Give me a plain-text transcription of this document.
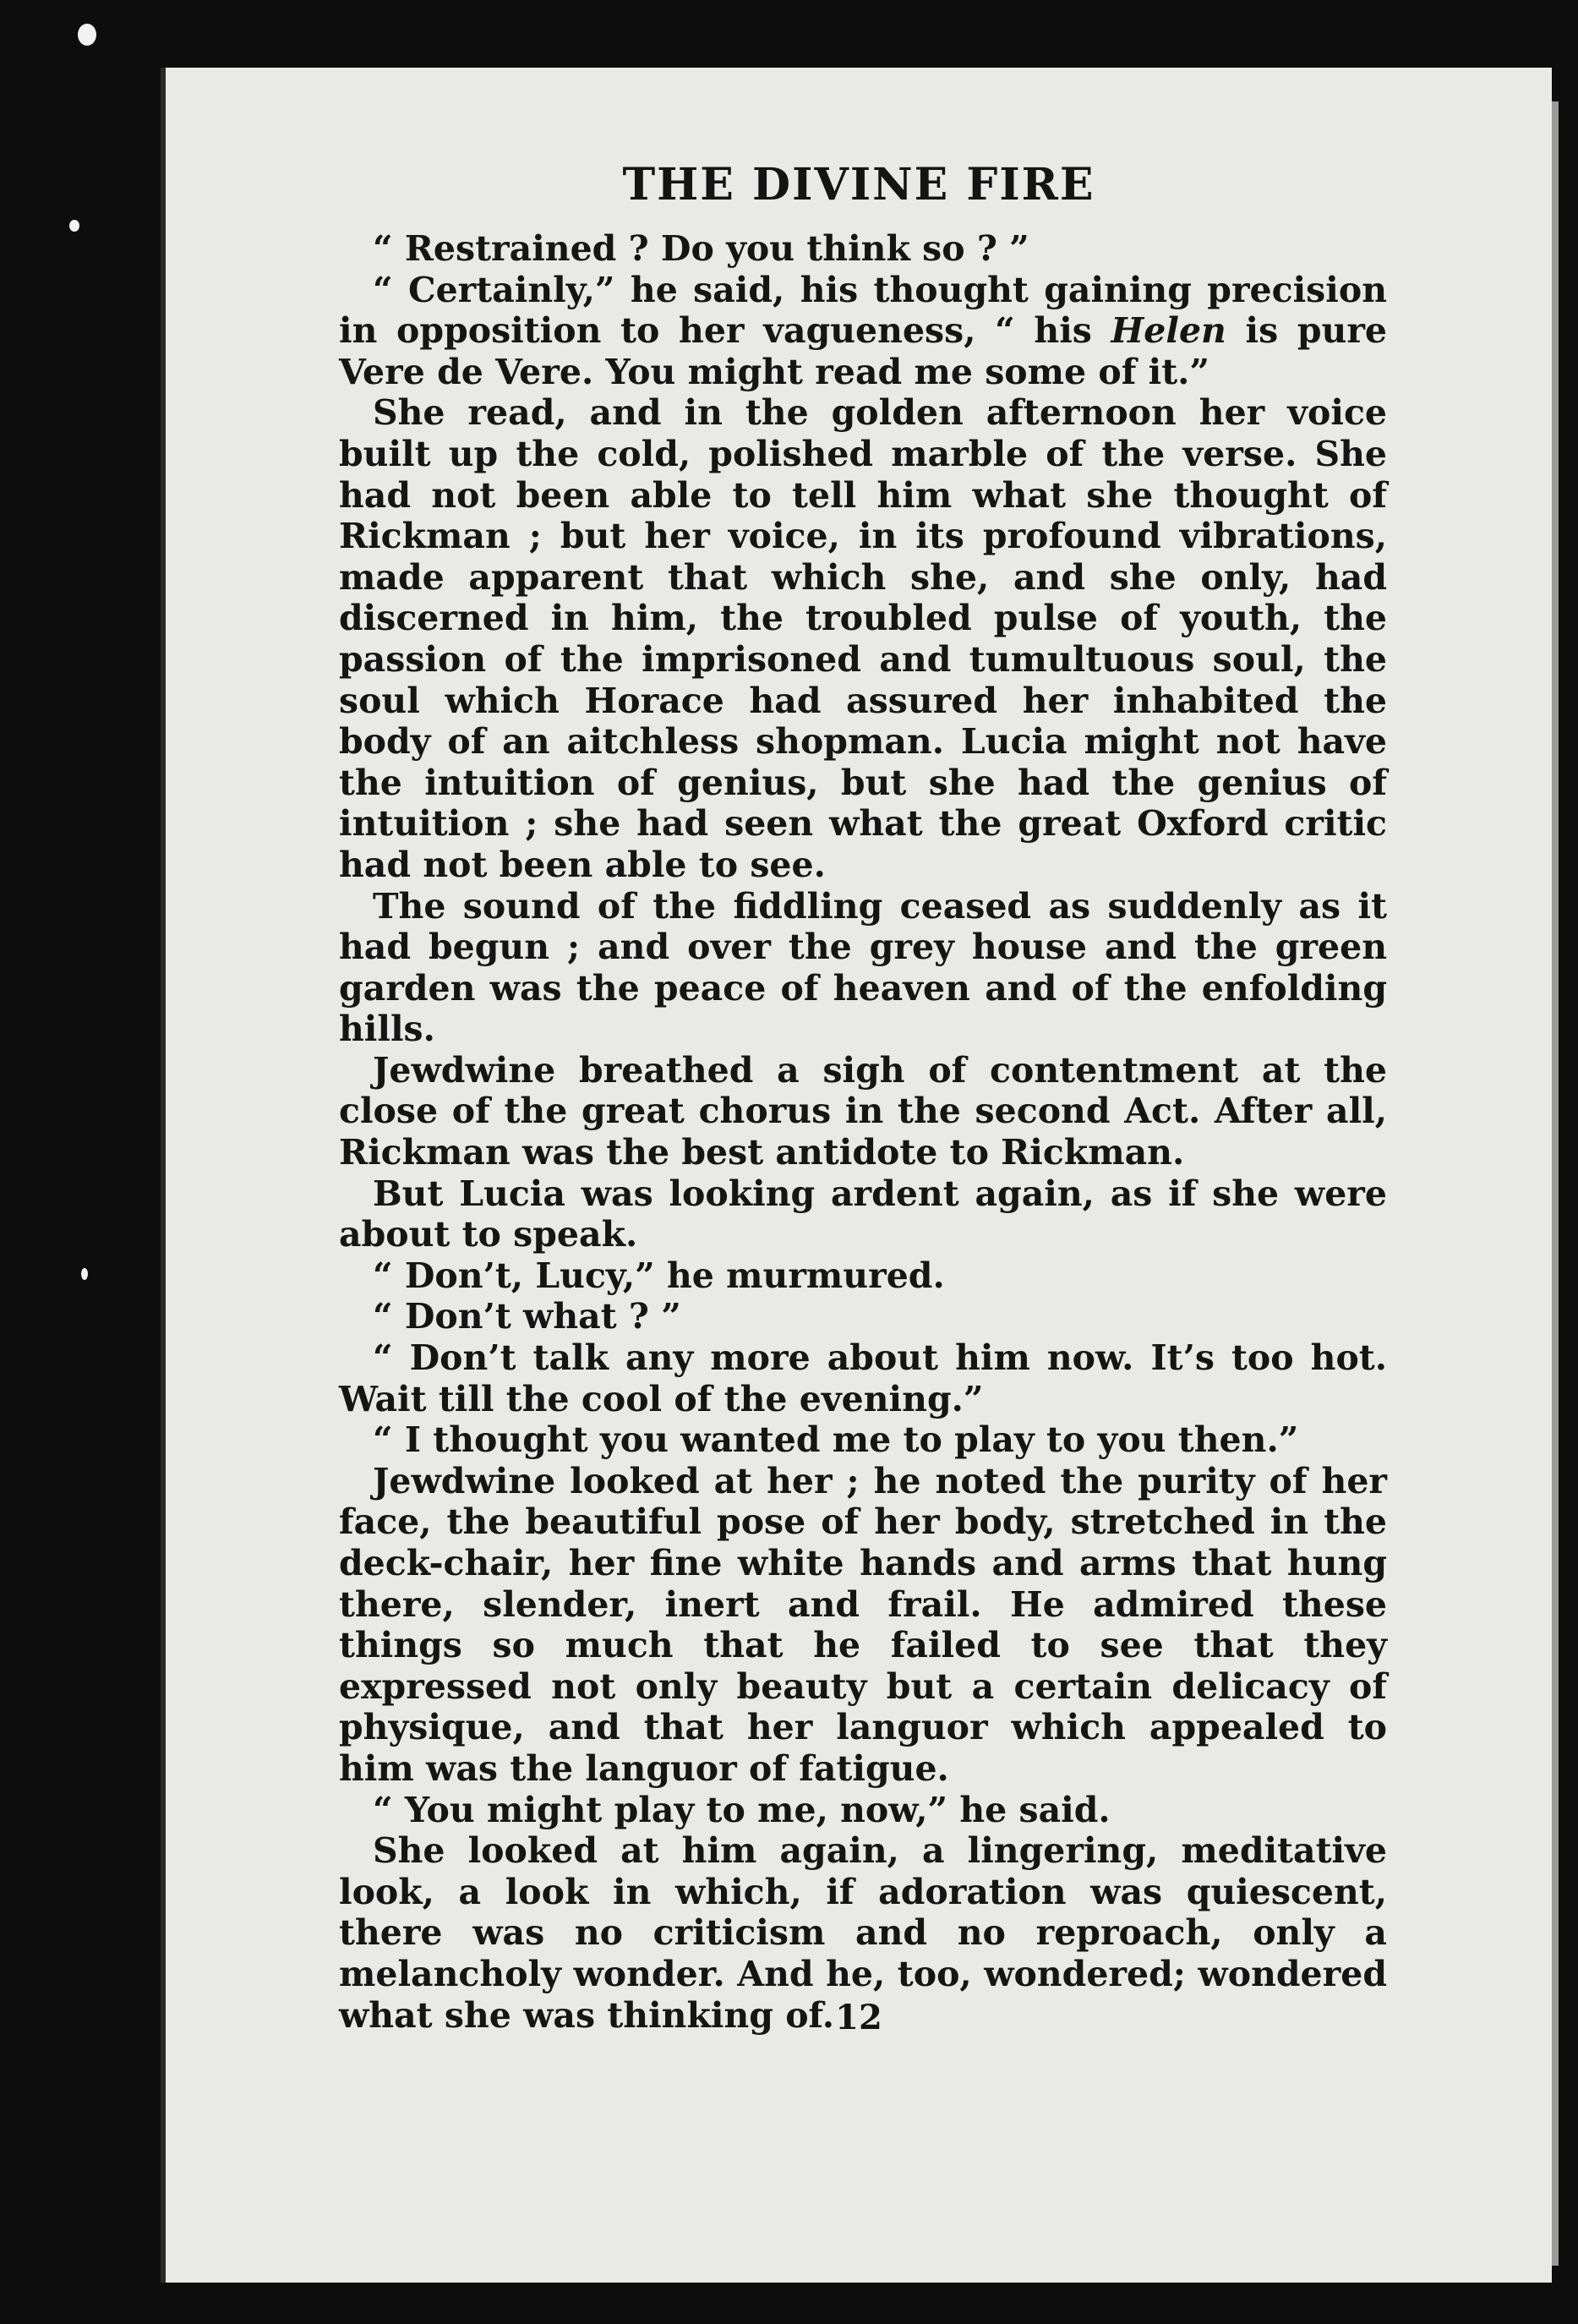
THE DIVINE FIRE

“ Restrained ? Do you think so ? ”

“ Certainly,” he said, his thought gaining precision in opposition to her vagueness, “ his Helen is pure Vere de Vere. You might read me some of it.”

She read, and in the golden afternoon her voice built up the cold, polished marble of the verse. She had not been able to tell him what she thought of Rickman ; but her voice, in its profound vibrations, made apparent that which she, and she only, had discerned in him, the troubled pulse of youth, the passion of the imprisoned and tumultuous soul, the soul which Horace had assured her inhabited the body of an aitchless shopman. Lucia might not have the intuition of genius, but she had the genius of intuition ; she had seen what the great Oxford critic had not been able to see.

The sound of the fiddling ceased as suddenly as it had begun ; and over the grey house and the green garden was the peace of heaven and of the enfolding hills.

Jewdwine breathed a sigh of contentment at the close of the great chorus in the second Act. After all, Rickman was the best antidote to Rickman.

But Lucia was looking ardent again, as if she were about to speak.

“ Don’t, Lucy,” he murmured.

“ Don’t what ? ”

“ Don’t talk any more about him now. It’s too hot. Wait till the cool of the evening.”

“ I thought you wanted me to play to you then.”

Jewdwine looked at her ; he noted the purity of her face, the beautiful pose of her body, stretched in the deck-chair, her fine white hands and arms that hung there, slender, inert and frail. He admired these things so much that he failed to see that they expressed not only beauty but a certain delicacy of physique, and that her languor which appealed to him was the languor of fatigue.

“ You might play to me, now,” he said.

She looked at him again, a lingering, meditative look, a look in which, if adoration was quiescent, there was no criticism and no reproach, only a melancholy wonder. And he, too, wondered; wondered what she was thinking of. 12
